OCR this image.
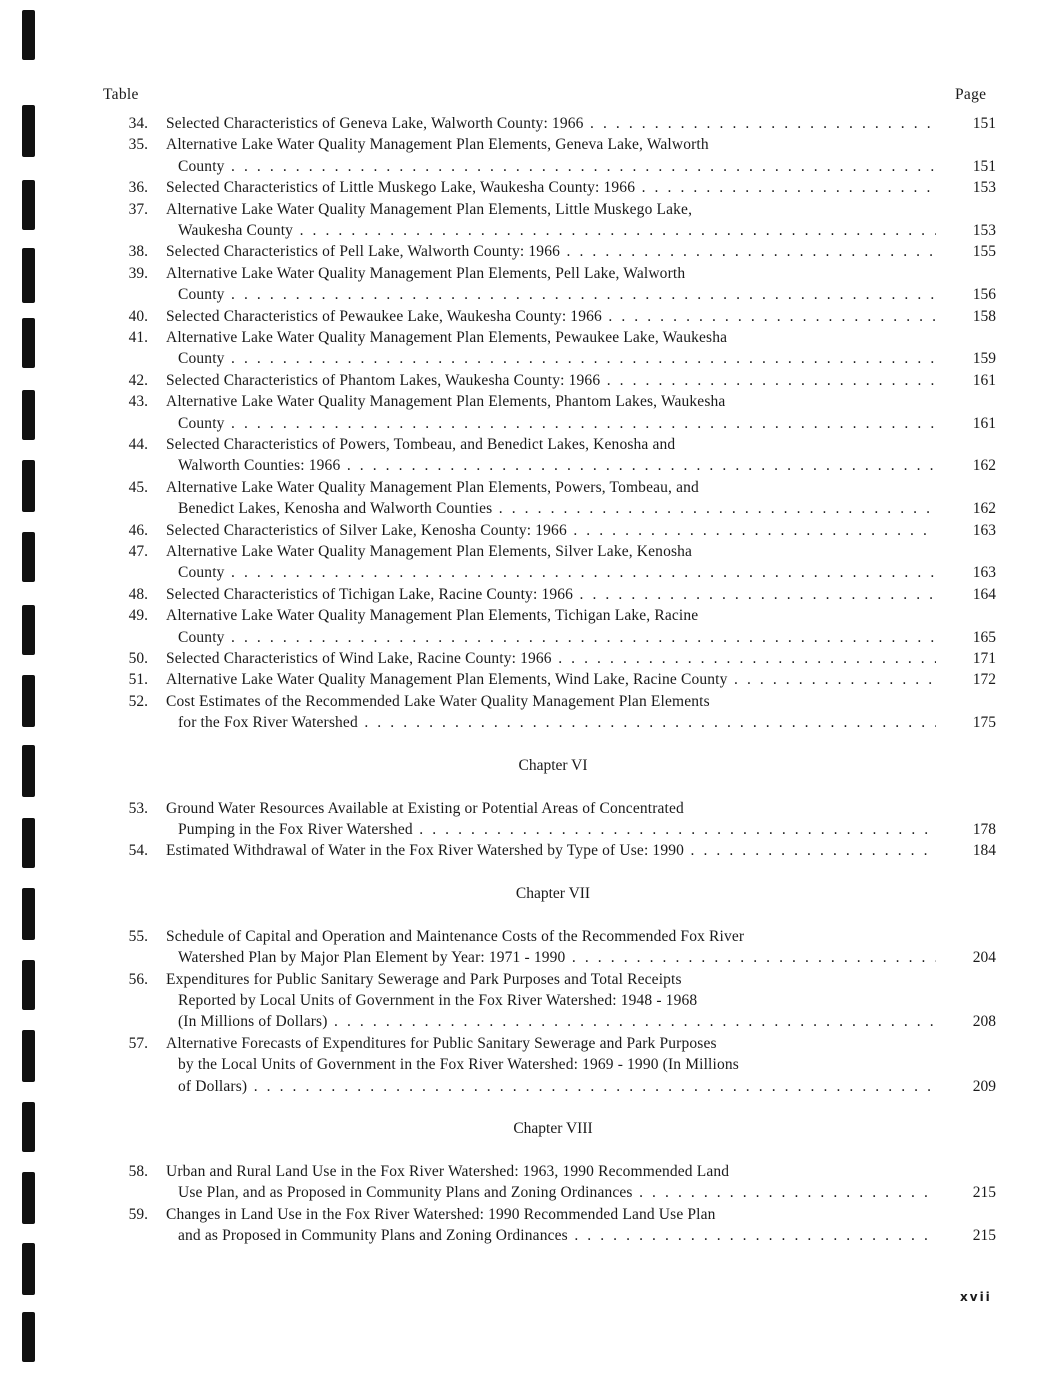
Table	Page
34. Selected Characteristics of Geneva Lake, Walworth County: 1966 . . .	151
35. Alternative Lake Water Quality Management Plan Elements, Geneva Lake, Walworth
County . . .	151
36. Selected Characteristics of Little Muskego Lake, Waukesha County: 1966 . . .	153
37. Alternative Lake Water Quality Management Plan Elements, Little Muskego Lake,
Waukesha County . . .	153
38. Selected Characteristics of Pell Lake, Walworth County: 1966 . . .	155
39. Alternative Lake Water Quality Management Plan Elements, Pell Lake, Walworth
County . . .	156
40. Selected Characteristics of Pewaukee Lake, Waukesha County: 1966 . . .	158
41. Alternative Lake Water Quality Management Plan Elements, Pewaukee Lake, Waukesha
County . . .	159
42. Selected Characteristics of Phantom Lakes, Waukesha County: 1966 . . .	161
43. Alternative Lake Water Quality Management Plan Elements, Phantom Lakes, Waukesha
County . . .	161
44. Selected Characteristics of Powers, Tombeau, and Benedict Lakes, Kenosha and
Walworth Counties: 1966 . . .	162
45. Alternative Lake Water Quality Management Plan Elements, Powers, Tombeau, and
Benedict Lakes, Kenosha and Walworth Counties . . .	162
46. Selected Characteristics of Silver Lake, Kenosha County: 1966 . . .	163
47. Alternative Lake Water Quality Management Plan Elements, Silver Lake, Kenosha
County . . .	163
48. Selected Characteristics of Tichigan Lake, Racine County: 1966 . . .	164
49. Alternative Lake Water Quality Management Plan Elements, Tichigan Lake, Racine
County . . .	165
50. Selected Characteristics of Wind Lake, Racine County: 1966 . . .	171
51. Alternative Lake Water Quality Management Plan Elements, Wind Lake, Racine County . . .	172
52. Cost Estimates of the Recommended Lake Water Quality Management Plan Elements
for the Fox River Watershed . . .	175
Chapter VI
53. Ground Water Resources Available at Existing or Potential Areas of Concentrated
Pumping in the Fox River Watershed . . .	178
54. Estimated Withdrawal of Water in the Fox River Watershed by Type of Use: 1990 . . .	184
Chapter VII
55. Schedule of Capital and Operation and Maintenance Costs of the Recommended Fox River
Watershed Plan by Major Plan Element by Year: 1971 - 1990 . . .	204
56. Expenditures for Public Sanitary Sewerage and Park Purposes and Total Receipts
Reported by Local Units of Government in the Fox River Watershed: 1948 - 1968
(In Millions of Dollars) . . .	208
57. Alternative Forecasts of Expenditures for Public Sanitary Sewerage and Park Purposes
by the Local Units of Government in the Fox River Watershed: 1969 - 1990 (In Millions
of Dollars) . . .	209
Chapter VIII
58. Urban and Rural Land Use in the Fox River Watershed: 1963, 1990 Recommended Land
Use Plan, and as Proposed in Community Plans and Zoning Ordinances . . .	215
59. Changes in Land Use in the Fox River Watershed: 1990 Recommended Land Use Plan
and as Proposed in Community Plans and Zoning Ordinances . . .	215
xvii
